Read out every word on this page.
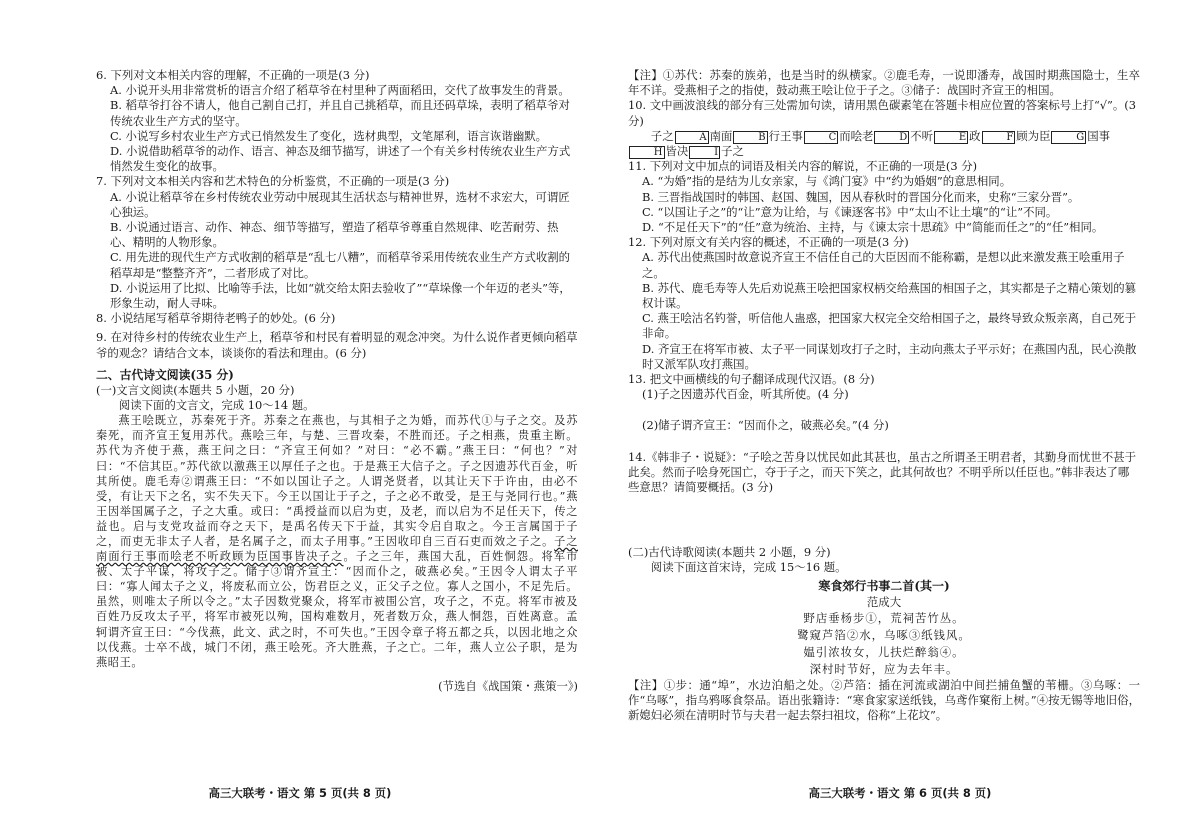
6. 下列对文本相关内容的理解，不正确的一项是(3 分)

A. 小说开头用非常赏析的语言介绍了稻草爷在村里种了两面稻田，交代了故事发生的背景。

B. 稻草爷打谷不请人，他自己割自己打，并且自己挑稻草，而且还码草垛，表明了稻草爷对传统农业生产方式的坚守。

C. 小说写乡村农业生产方式已悄然发生了变化，选材典型，文笔犀利，语言诙谐幽默。

D. 小说借助稻草爷的动作、语言、神态及细节描写，讲述了一个有关乡村传统农业生产方式悄然发生变化的故事。

7. 下列对文本相关内容和艺术特色的分析鉴赏，不正确的一项是(3 分)

A. 小说让稻草爷在乡村传统农业劳动中展现其生活状态与精神世界，选材不求宏大，可谓匠心独运。

B. 小说通过语言、动作、神态、细节等描写，塑造了稻草爷尊重自然规律、吃苦耐劳、热心、精明的人物形象。

C. 用先进的现代生产方式收割的稻草是“乱七八糟”，而稻草爷采用传统农业生产方式收割的稻草却是“整整齐齐”，二者形成了对比。

D. 小说运用了比拟、比喻等手法，比如“就交给太阳去验收了”“草垛像一个年迈的老头”等，形象生动，耐人寻味。

8. 小说结尾写稻草爷期待老鸭子的妙处。(6 分)

9. 在对待乡村的传统农业生产上，稻草爷和村民有着明显的观念冲突。为什么说作者更倾向稻草爷的观念？请结合文本，谈谈你的看法和理由。(6 分)

二、古代诗文阅读(35 分)

(一)文言文阅读(本题共 5 小题，20 分)

阅读下面的文言文，完成 10～14 题。

燕王哙既立，苏秦死于齐。苏秦之在燕也，与其相子之为婚，而苏代①与子之交。及苏秦死，而齐宣王复用苏代。燕哙三年，与楚、三晋攻秦，不胜而还。子之相燕，贵重主断。苏代为齐使于燕，燕王问之曰：“齐宣王何如？”对曰：“必不霸。”燕王曰：“何也？”对曰：“不信其臣。”苏代欲以激燕王以厚任子之也。于是燕王大信子之。子之因遗苏代百金，听其所使。鹿毛寿②谓燕王曰：“不如以国让子之。人谓尧贤者，以其让天下于许由，由必不受，有让天下之名，实不失天下。今王以国让于子之，子之必不敢受，是王与尧同行也。”燕王因举国属子之，子之大重。或曰：“禹授益而以启为吏，及老，而以启为不足任天下，传之益也。启与支党攻益而夺之天下，是禹名传天下于益，其实令启自取之。今王言属国于子之，而吏无非太子人者，是名属子之，而太子用事。”王因收印自三百石吏而效之子之。子之南面行王事而哙老不听政顾为臣国事皆决子之。子之三年，燕国大乱，百姓恫怨。将军市被、太子平谋，将攻子之。储子③谓齐宣王：“因而仆之，破燕必矣。”王因令人谓太子平曰：“寡人闻太子之义，将废私而立公，饬君臣之义，正父子之位。寡人之国小，不足先后。虽然，则唯太子所以令之。”太子因数党聚众，将军市被围公宫，攻子之，不克。将军市被及百姓乃反攻太子平，将军市被死以殉，国构难数月，死者数万众，燕人恫怨，百姓离意。孟轲谓齐宣王曰：“今伐燕，此文、武之时，不可失也。”王因令章子将五都之兵，以因北地之众以伐燕。士卒不战，城门不闭，燕王哙死。齐大胜燕，子之亡。二年，燕人立公子职，是为燕昭王。

(节选自《战国策・燕策一》)

高三大联考・语文 第 5 页(共 8 页)

【注】①苏代：苏秦的族弟，也是当时的纵横家。②鹿毛寿，一说即潘寿，战国时期燕国隐士，生卒年不详。受燕相子之的指使，鼓动燕王哙让位于子之。③储子：战国时齐宣王的相国。

10. 文中画波浪线的部分有三处需加句读，请用黑色碳素笔在答题卡相应位置的答案标号上打“√”。(3 分)

子之	A 南面	B 行王事	C 而哙老	D 不听	E 政	F 顾为臣	G 国事H 皆决	I 子之

11. 下列对文中加点的词语及相关内容的解说，不正确的一项是(3 分)

A. “为婚”指的是结为儿女亲家，与《鸿门宴》中“约为婚姻”的意思相同。

B. 三晋指战国时的韩国、赵国、魏国，因从春秋时的晋国分化而来，史称“三家分晋”。

C. “以国让子之”的“让”意为让给，与《谏逐客书》中“太山不让土壤”的“让”不同。

D. “不足任天下”的“任”意为统治、主持，与《谏太宗十思疏》中“简能而任之”的“任”相同。

12. 下列对原文有关内容的概述，不正确的一项是(3 分)

A. 苏代出使燕国时故意说齐宣王不信任自己的大臣因而不能称霸，是想以此来激发燕王哙重用子之。

B. 苏代、鹿毛寿等人先后劝说燕王哙把国家权柄交给燕国的相国子之，其实都是子之精心策划的篡权计谋。

C. 燕王哙沽名钓誉，听信他人蛊惑，把国家大权完全交给相国子之，最终导致众叛亲离，自己死于非命。

D. 齐宣王在将军市被、太子平一同谋划攻打子之时，主动向燕太子平示好；在燕国内乱，民心涣散时又派军队攻打燕国。

13. 把文中画横线的句子翻译成现代汉语。(8 分)

(1)子之因遗苏代百金，听其所使。(4 分)

(2)储子谓齐宣王：“因而仆之，破燕必矣。”(4 分)

14.《韩非子・说疑》：“子哙之苦身以忧民如此其甚也，虽古之所谓圣王明君者，其勤身而忧世不甚于此矣。然而子哙身死国亡，夺于子之，而天下笑之，此其何故也？不明乎所以任臣也。”韩非表达了哪些意思？请简要概括。(3 分)

(二)古代诗歌阅读(本题共 2 小题，9 分)

阅读下面这首宋诗，完成 15～16 题。

寒食郊行书事二首(其一)

范成大

野店垂杨步①，荒祠苦竹丛。

鹭窥芦箔②水，乌啄③纸钱风。

媪引浓妆女，儿扶烂醉翁④。

深村时节好，应为去年丰。

【注】①步：通“埠”，水边泊船之处。②芦箔：插在河流或湖泊中间拦捕鱼蟹的苇栅。③乌啄：一作“乌啄”，指乌鸦啄食祭品。语出张籍诗：“寒食家家送纸钱，乌鸢作窠衔上树。”④按无锡等地旧俗，新媳妇必须在清明时节与夫君一起去祭扫祖坟，俗称“上花坟”。

高三大联考・语文 第 6 页(共 8 页)
